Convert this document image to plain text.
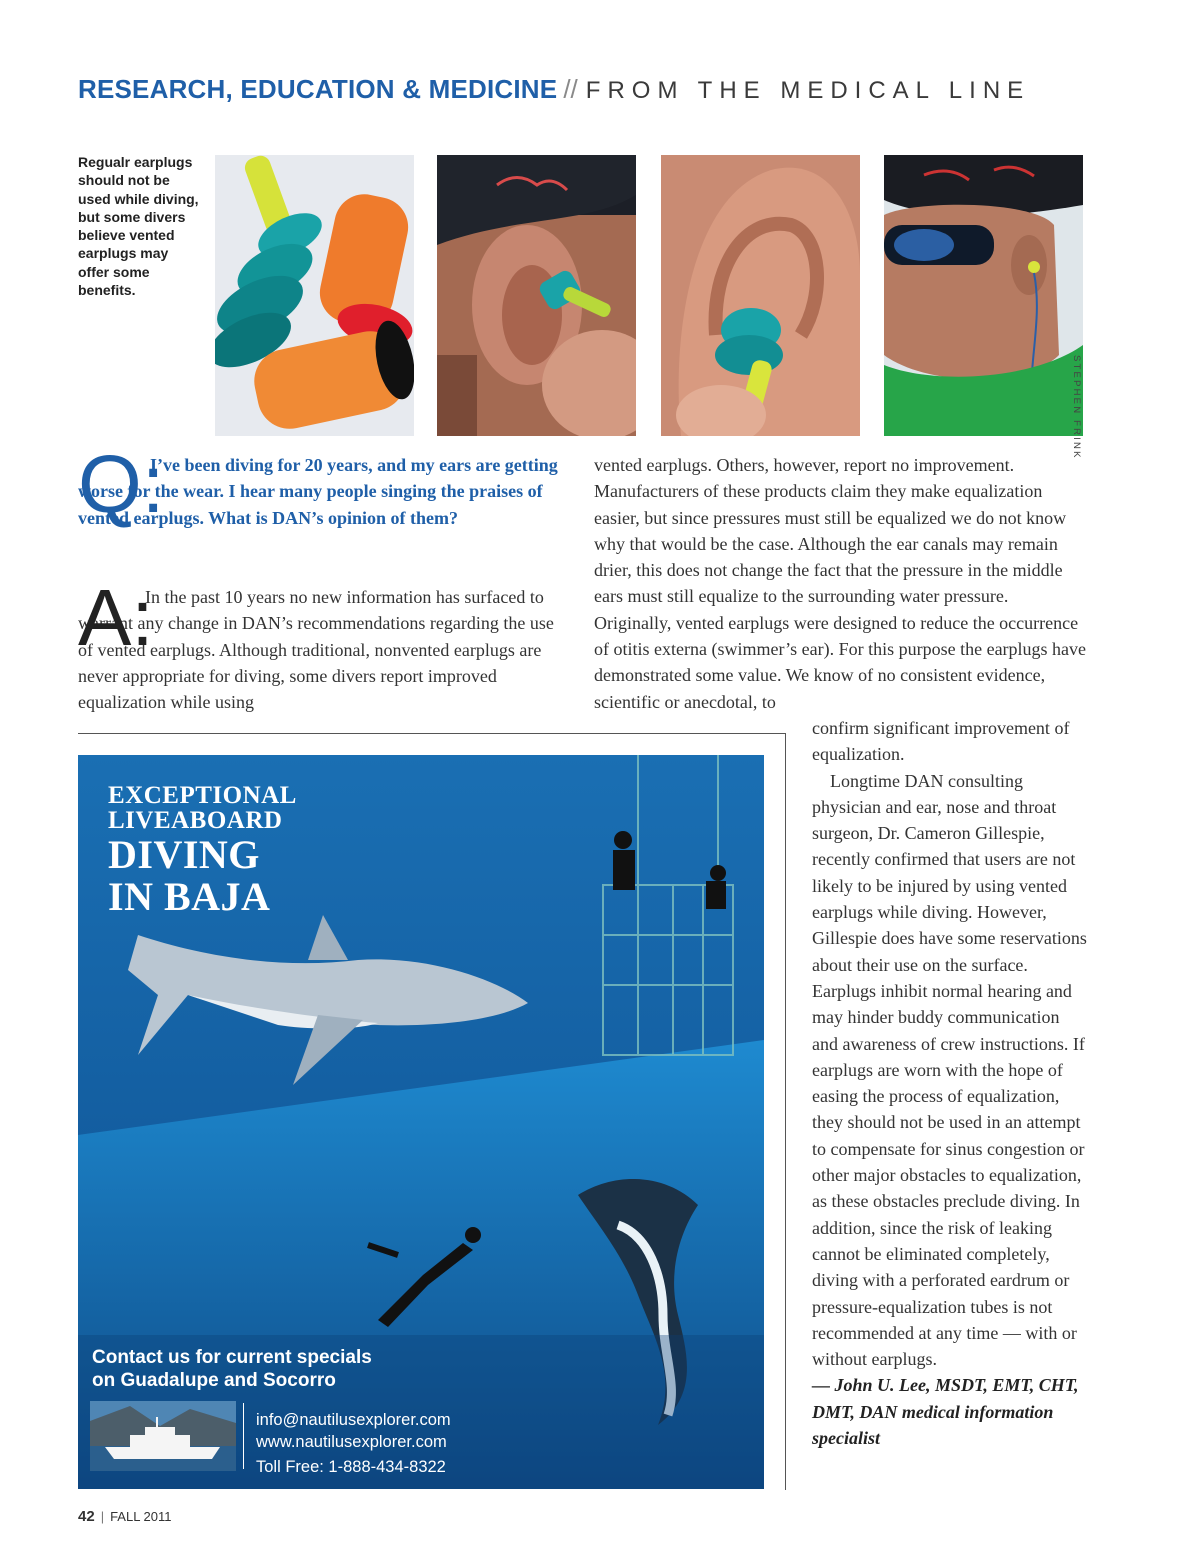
RESEARCH, EDUCATION & MEDICINE // FROM THE MEDICAL LINE
Regualr earplugs should not be used while diving, but some divers believe vented earplugs may offer some benefits.
STEPHEN FRINK
Q:

I’ve been diving for 20 years, and my ears are getting worse for the wear. I hear many people singing the praises of vented earplugs. What is DAN’s opinion of them?

A:

In the past 10 years no new information has surfaced to warrant any change in DAN’s recommendations regarding the use of vented earplugs. Although traditional, nonvented earplugs are never appropriate for diving, some divers report improved equalization while using

vented earplugs. Others, however, report no improvement. Manufacturers of these products claim they make equalization easier, but since pressures must still be equalized we do not know why that would be the case. Although the ear canals may remain drier, this does not change the fact that the pressure in the middle ears must still equalize to the surrounding water pressure. Originally, vented earplugs were designed to reduce the occurrence of otitis externa (swimmer’s ear). For this purpose the earplugs have demonstrated some value. We know of no consistent evidence, scientific or anecdotal, to

confirm significant improvement of equalization.

Longtime DAN consulting physician and ear, nose and throat surgeon, Dr. Cameron Gillespie, recently confirmed that users are not likely to be injured by using vented earplugs while diving. However, Gillespie does have some reservations about their use on the surface. Earplugs inhibit normal hearing and may hinder buddy communication and awareness of crew instructions. If earplugs are worn with the hope of easing the process of equalization, they should not be used in an attempt to compensate for sinus congestion or other major obstacles to equalization, as these obstacles preclude diving. In addition, since the risk of leaking cannot be eliminated completely, diving with a perforated eardrum or pressure-equalization tubes is not recommended at any time — with or without earplugs.

— John U. Lee, MSDT, EMT, CHT, DMT, DAN medical information specialist

EXCEPTIONAL
LIVEABOARD
DIVING
IN BAJA
Contact us for current specials
on Guadalupe and Socorro
info@nautilusexplorer.com
www.nautilusexplorer.com
Toll Free: 1-888-434-8322
42 | FALL 2011
